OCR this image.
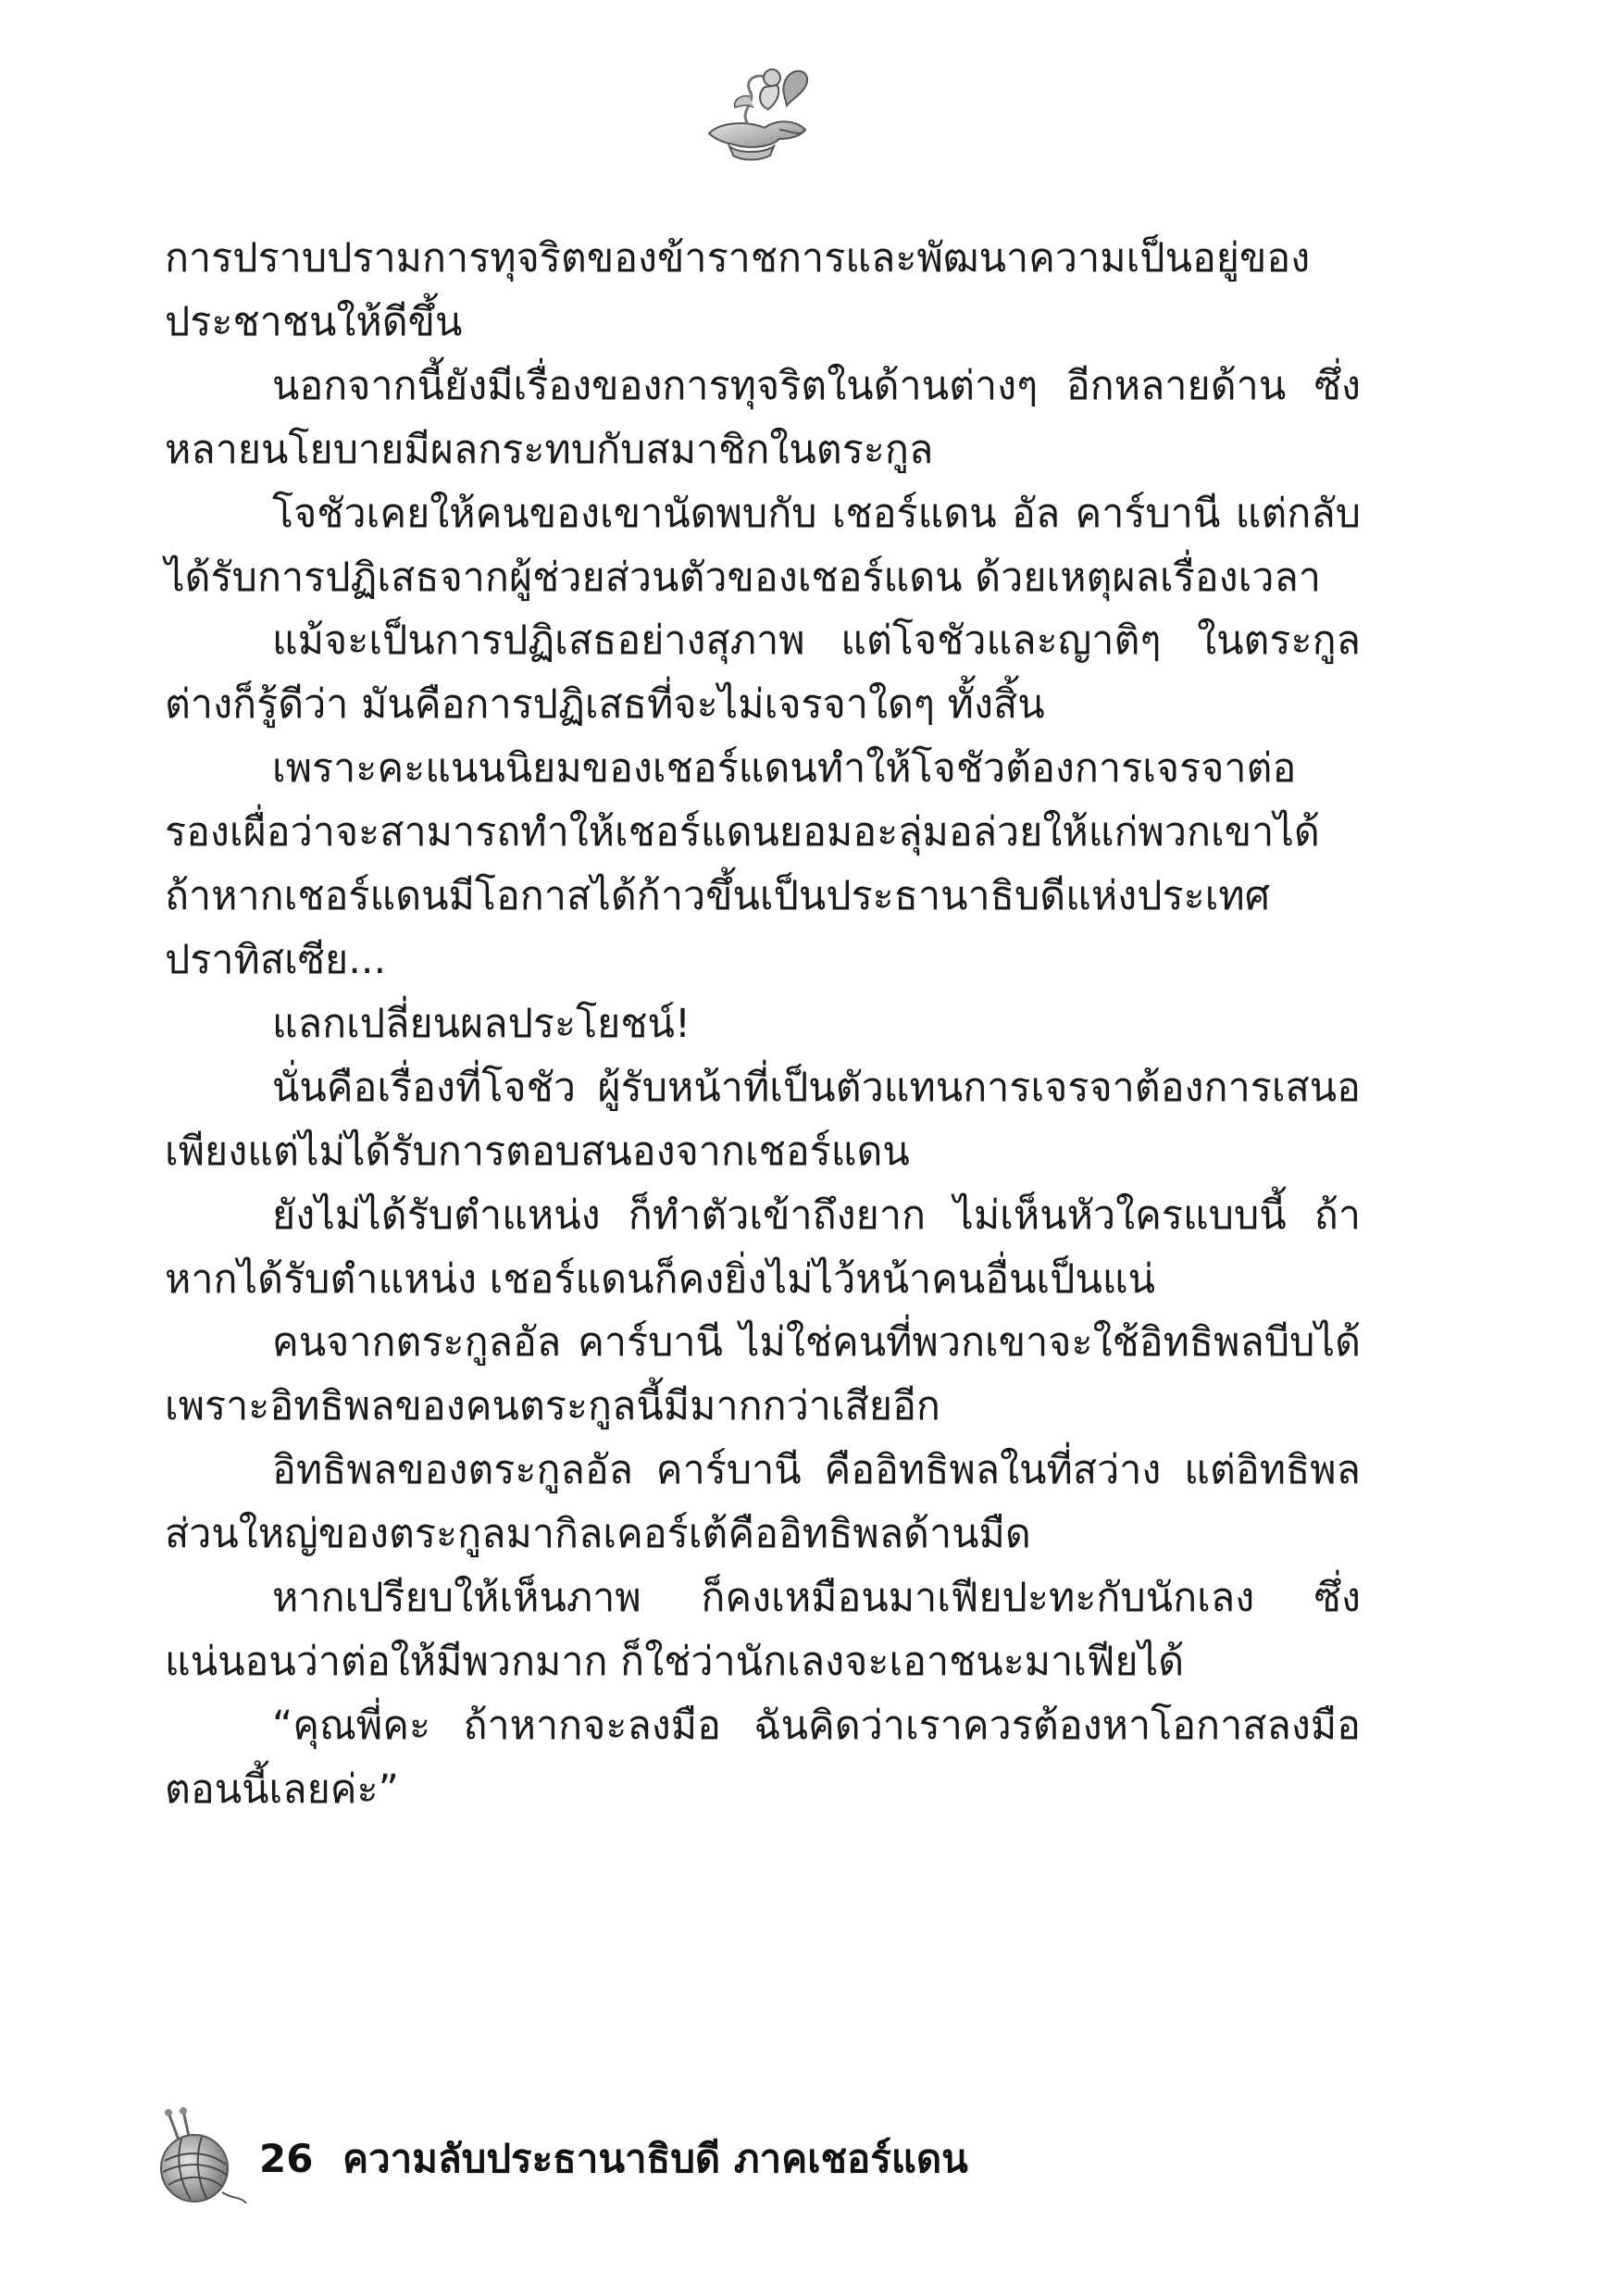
การปราบปรามการทุจริตของข้าราชการและพัฒนาความเป็นอยู่ของประชาชนให้ดีขึ้น

นอกจากนี้ยังมีเรื่องของการทุจริตในด้านต่างๆ อีกหลายด้าน ซึ่งหลายนโยบายมีผลกระทบกับสมาชิกในตระกูล

โจชัวเคยให้คนของเขานัดพบกับ เชอร์แดน อัล คาร์บานี แต่กลับได้รับการปฏิเสธจากผู้ช่วยส่วนตัวของเชอร์แดน ด้วยเหตุผลเรื่องเวลา

แม้จะเป็นการปฏิเสธอย่างสุภาพ แต่โจชัวและญาติๆ ในตระกูลต่างก็รู้ดีว่า มันคือการปฏิเสธที่จะไม่เจรจาใดๆ ทั้งสิ้น

เพราะคะแนนนิยมของเชอร์แดนทำให้โจชัวต้องการเจรจาต่อรองเผื่อว่าจะสามารถทำให้เชอร์แดนยอมอะลุ่มอล่วยให้แก่พวกเขาได้ถ้าหากเชอร์แดนมีโอกาสได้ก้าวขึ้นเป็นประธานาธิบดีแห่งประเทศปราทิสเซีย...

แลกเปลี่ยนผลประโยชน์!

นั่นคือเรื่องที่โจชัว ผู้รับหน้าที่เป็นตัวแทนการเจรจาต้องการเสนอเพียงแต่ไม่ได้รับการตอบสนองจากเชอร์แดน

ยังไม่ได้รับตำแหน่ง ก็ทำตัวเข้าถึงยาก ไม่เห็นหัวใครแบบนี้ ถ้าหากได้รับตำแหน่ง เชอร์แดนก็คงยิ่งไม่ไว้หน้าคนอื่นเป็นแน่

คนจากตระกูลอัล คาร์บานี ไม่ใช่คนที่พวกเขาจะใช้อิทธิพลบีบได้ เพราะอิทธิพลของคนตระกูลนี้มีมากกว่าเสียอีก

อิทธิพลของตระกูลอัล คาร์บานี คืออิทธิพลในที่สว่าง แต่อิทธิพลส่วนใหญ่ของตระกูลมากิลเคอร์เต้คืออิทธิพลด้านมืด

หากเปรียบให้เห็นภาพ ก็คงเหมือนมาเฟียปะทะกับนักเลง ซึ่งแน่นอนว่าต่อให้มีพวกมาก ก็ใช่ว่านักเลงจะเอาชนะมาเฟียได้

“คุณพี่คะ ถ้าหากจะลงมือ ฉันคิดว่าเราควรต้องหาโอกาสลงมือตอนนี้เลยค่ะ”

26 ความลับประธานาธิบดี ภาคเชอร์แดน
